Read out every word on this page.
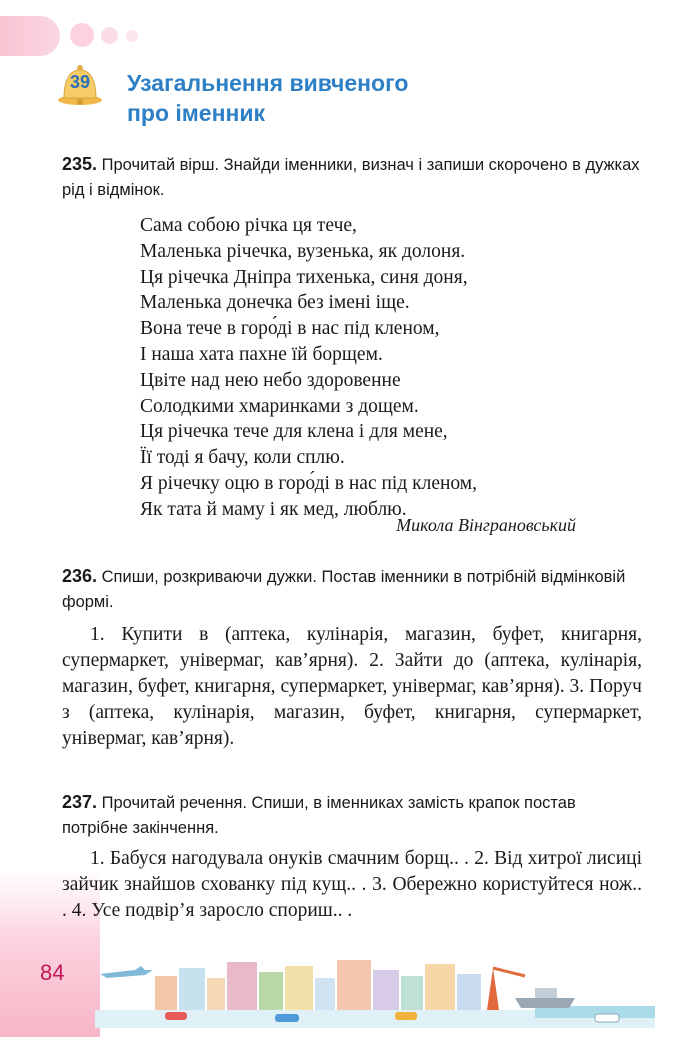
39	Узагальнення вивченого
про іменник
235. Прочитай вірш. Знайди іменники, визнач і запиши скорочено в дужках рід і відмінок.
Сама собою річка ця тече,
Маленька річечка, вузенька, як долоня.
Ця річечка Дніпра тихенька, синя доня,
Маленька донечка без імені іще.
Вона тече в горо́ді в нас під кленом,
І наша хата пахне їй борщем.
Цвіте над нею небо здоровенне
Солодкими хмаринками з дощем.
Ця річечка тече для клена і для мене,
Її тоді я бачу, коли сплю.
Я річечку оцю в горо́ді в нас під кленом,
Як тата й маму і як мед, люблю.
Микола Вінграновський
236. Спиши, розкриваючи дужки. Постав іменники в потрібній відмінковій формі.
1. Купити в (аптека, кулінарія, магазин, буфет, книгарня, супермаркет, універмаг, кав’ярня). 2. Зайти до (аптека, кулінарія, магазин, буфет, книгарня, супермаркет, універмаг, кав’ярня). 3. Поруч з (аптека, кулінарія, магазин, буфет, книгарня, супермаркет, універмаг, кав’ярня).
237. Прочитай речення. Спиши, в іменниках замість крапок постав потрібне закінчення.
1. Бабуся нагодувала онуків смачним борщ.. . 2. Від хитрої лисиці зайчик знайшов схованку під кущ.. . 3. Обережно користуйтеся нож.. . 4. Усе подвір’я заросло спориш.. .
84
